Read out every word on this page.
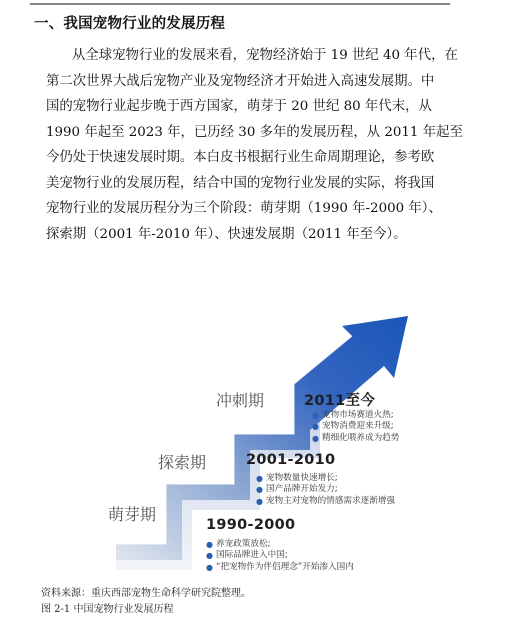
一、我国宠物行业的发展历程

从全球宠物行业的发展来看，宠物经济始于 19 世纪 40 年代，在
第二次世界大战后宠物产业及宠物经济才开始进入高速发展期。中
国的宠物行业起步晚于西方国家，萌芽于 20 世纪 80 年代末，从
1990 年起至 2023 年，已历经 30 多年的发展历程，从 2011 年起至
今仍处于快速发展时期。本白皮书根据行业生命周期理论，参考欧
美宠物行业的发展历程，结合中国的宠物行业发展的实际，将我国
宠物行业的发展历程分为三个阶段：萌芽期（1990 年-2000 年）、
探索期（2001 年-2010 年）、快速发展期（2011 年至今）。

萌芽期
探索期
冲刺期
1990-2000
2001-2010
2011至今
● 养宠政策放松;
● 国际品牌进入中国;
● “把宠物作为伴侣理念”开始渗入国内
● 宠物数量快速增长;
● 国产品牌开始发力;
● 宠物主对宠物的情感需求逐渐增强
● 宠物市场赛道火热;
● 宠物消费迎来升级;
● 精细化喂养成为趋势
资料来源：重庆西部宠物生命科学研究院整理。
图 2-1 中国宠物行业发展历程
